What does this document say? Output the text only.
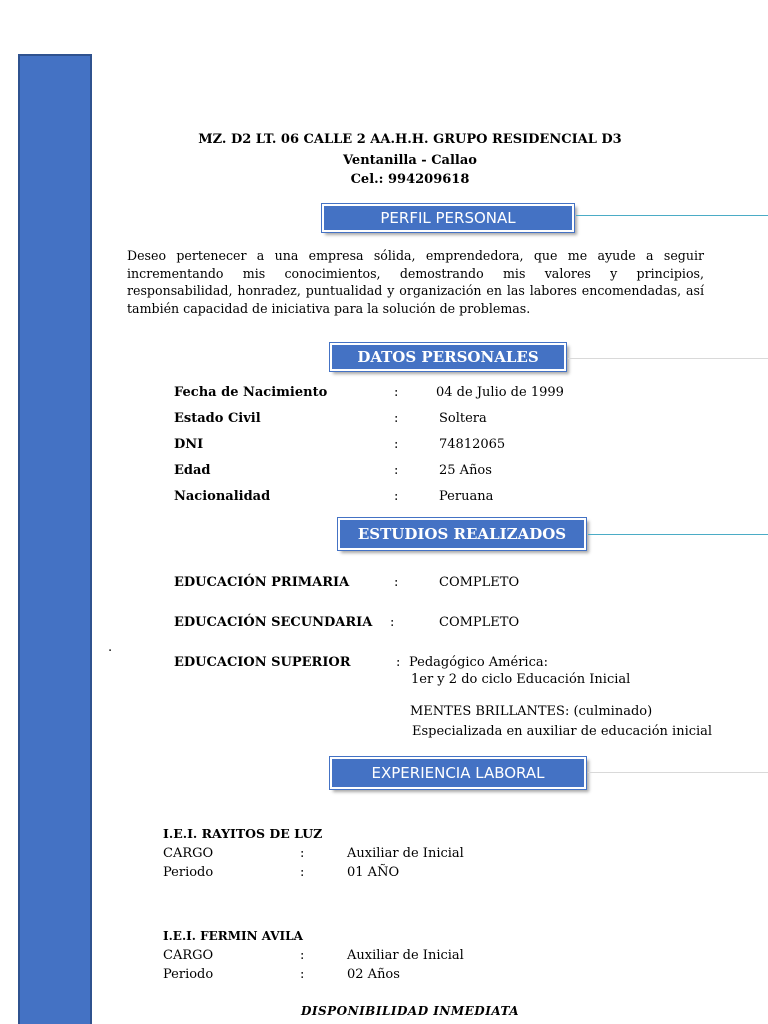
MZ. D2 LT. 06 CALLE 2 AA.H.H. GRUPO RESIDENCIAL D3
Ventanilla - Callao
Cel.: 994209618
PERFIL PERSONAL
Deseo pertenecer a una empresa sólida, emprendedora, que me ayude a seguir incrementando mis conocimientos, demostrando mis valores y principios, responsabilidad, honradez, puntualidad y organización en las labores encomendadas, así también capacidad de iniciativa para la solución de problemas.
DATOS PERSONALES
Fecha de Nacimiento	:	04 de Julio de 1999
Estado Civil	:	Soltera
DNI	:	74812065
Edad	:	25 Años
Nacionalidad	:	Peruana
ESTUDIOS REALIZADOS
EDUCACIÓN PRIMARIA	:	COMPLETO
EDUCACIÓN SECUNDARIA :	COMPLETO
.
EDUCACION SUPERIOR	: Pedagógico América:
1er y 2 do ciclo Educación Inicial
MENTES BRILLANTES: (culminado)
Especializada en auxiliar de educación inicial
EXPERIENCIA LABORAL
I.E.I. RAYITOS DE LUZ
CARGO	:	Auxiliar de Inicial
Periodo	:	01 AÑO
I.E.I. FERMIN AVILA
CARGO	:	Auxiliar de Inicial
Periodo	:	02 Años
DISPONIBILIDAD INMEDIATA
